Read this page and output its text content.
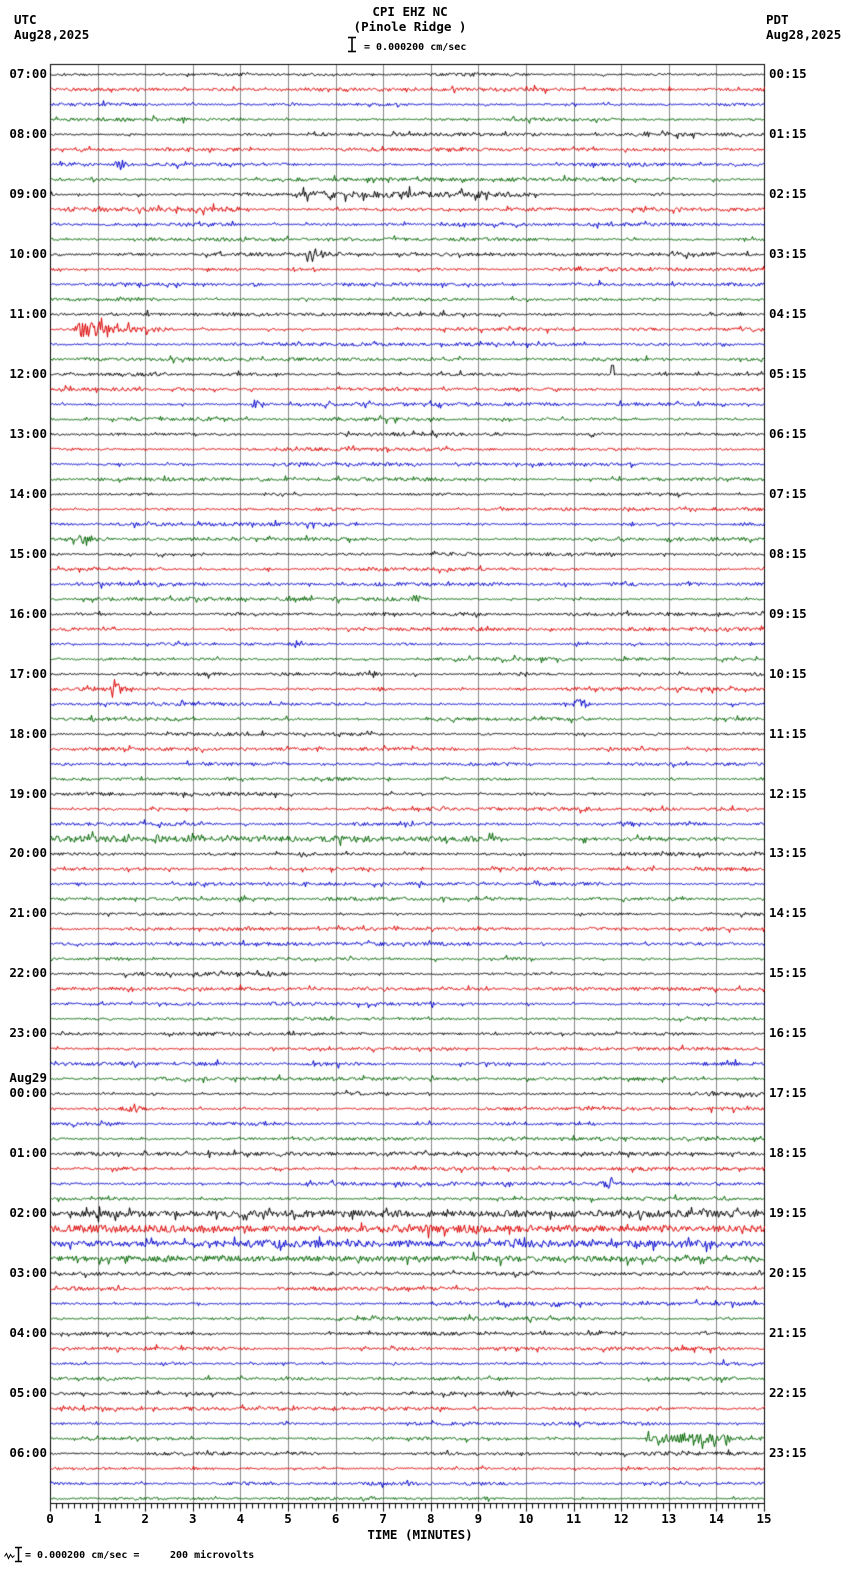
UTC
Aug28,2025
PDT
Aug28,2025
CPI EHZ NC
(Pinole Ridge )
= 0.000200 cm/sec
07:00
08:00
09:00
10:00
11:00
12:00
13:00
14:00
15:00
16:00
17:00
18:00
19:00
20:00
21:00
22:00
23:00
00:00
Aug29
01:00
02:00
03:00
04:00
05:00
06:00
00:15
01:15
02:15
03:15
04:15
05:15
06:15
07:15
08:15
09:15
10:15
11:15
12:15
13:15
14:15
15:15
16:15
17:15
18:15
19:15
20:15
21:15
22:15
23:15
0	1	2	3	4	5	6	7	8	9	10	11	12	13	14	15
TIME (MINUTES)
= 0.000200 cm/sec =	200 microvolts
